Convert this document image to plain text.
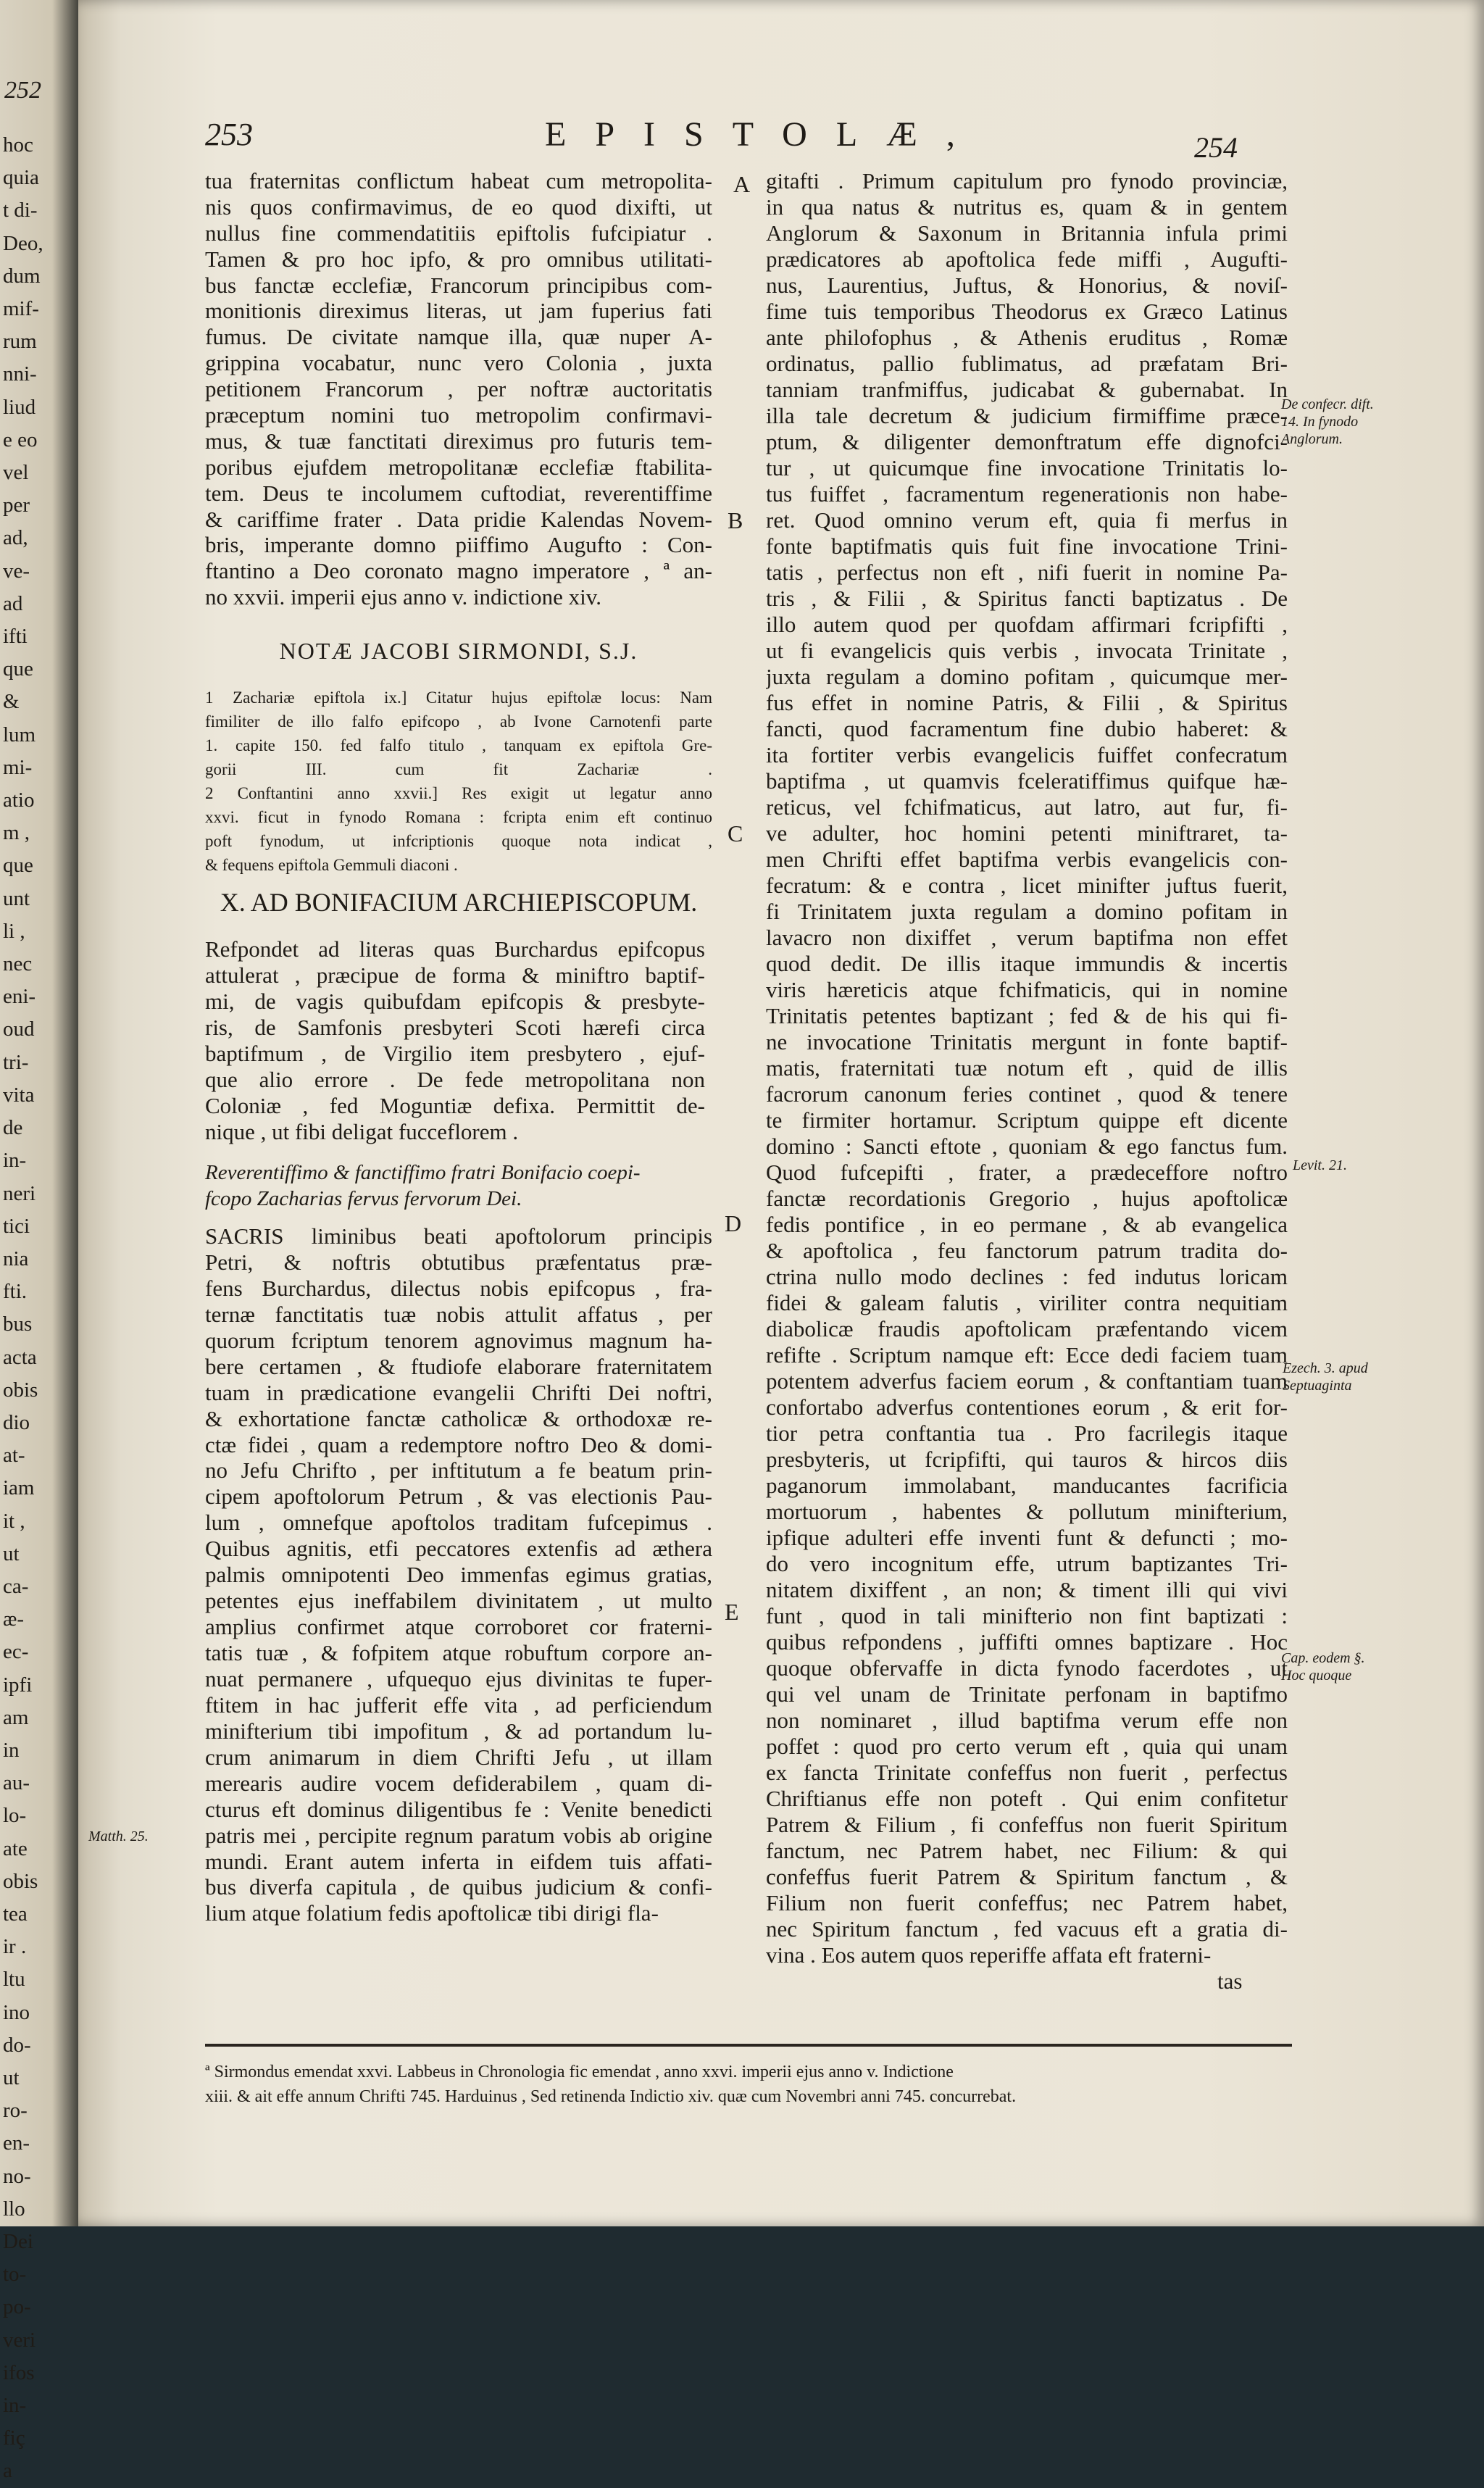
252
hoc
quia
t di-
Deo,
dum
mif-
rum
nni-
liud
e eo
vel
per
ad,
ve-
ad
ifti
que
&
lum
mi-
atio
m ,
que
unt
li ,
nec
eni-
oud
tri-
vita
de
in-
neri
tici
nia
fti.
bus
acta
obis
dio
at-
iam
it ,
ut
ca-
æ-
ec-
ipfi
am
in
au-
lo-
ate
obis
tea
ir .
ltu
ino
do-
ut
ro-
en-
no-
llo
Dei
to-
po-
veri
ifos
in-
fiç
a
253	EPISTOLÆ,	254
tua fraternitas conflictum habeat cum metropolita-
nis quos confirmavimus, de eo quod dixifti, ut
nullus fine commendatitiis epiftolis fufcipiatur .
Tamen & pro hoc ipfo, & pro omnibus utilitati-
bus fanctæ ecclefiæ, Francorum principibus com-
monitionis direximus literas, ut jam fuperius fati
fumus. De civitate namque illa, quæ nuper A-
grippina vocabatur, nunc vero Colonia , juxta
petitionem Francorum , per noftræ auctoritatis
præceptum nomini tuo metropolim confirmavi-
mus, & tuæ fanctitati direximus pro futuris tem-
poribus ejufdem metropolitanæ ecclefiæ ftabilita-
tem. Deus te incolumem cuftodiat, reverentiffime
& cariffime frater . Data pridie Kalendas Novem-
bris, imperante domno piiffimo Augufto : Con-
ftantino a Deo coronato magno imperatore , ª an-
no xxvii. imperii ejus anno v. indictione xiv.
NOTÆ JACOBI SIRMONDI, S.J.
1 Zachariæ epiftola ix.] Citatur hujus epiftolæ locus: Nam
fimiliter de illo falfo epifcopo , ab Ivone Carnotenfi parte
1. capite 150. fed falfo titulo , tanquam ex epiftola Gre-
gorii III. cum fit Zachariæ .
2 Conftantini anno xxvii.] Res exigit ut legatur anno
xxvi. ficut in fynodo Romana : fcripta enim eft continuo
poft fynodum, ut infcriptionis quoque nota indicat ,
& fequens epiftola Gemmuli diaconi .
X. AD BONIFACIUM ARCHIEPISCOPUM.
Refpondet ad literas quas Burchardus epifcopus
attulerat , præcipue de forma & miniftro baptif-
mi, de vagis quibufdam epifcopis & presbyte-
ris, de Samfonis presbyteri Scoti hærefi circa
baptifmum , de Virgilio item presbytero , ejuf-
que alio errore . De fede metropolitana non
Coloniæ , fed Moguntiæ defixa. Permittit de-
nique , ut fibi deligat fucceflorem .
Reverentiffimo & fanctiffimo fratri Bonifacio coepi-
fcopo Zacharias fervus fervorum Dei.
SACRIS liminibus beati apoftolorum principis
Petri, & noftris obtutibus præfentatus præ-
fens Burchardus, dilectus nobis epifcopus , fra-
ternæ fanctitatis tuæ nobis attulit affatus , per
quorum fcriptum tenorem agnovimus magnum ha-
bere certamen , & ftudiofe elaborare fraternitatem
tuam in prædicatione evangelii Chrifti Dei noftri,
& exhortatione fanctæ catholicæ & orthodoxæ re-
ctæ fidei , quam a redemptore noftro Deo & domi-
no Jefu Chrifto , per inftitutum a fe beatum prin-
cipem apoftolorum Petrum , & vas electionis Pau-
lum , omnefque apoftolos traditam fufcepimus .
Quibus agnitis, etfi peccatores extenfis ad æthera
palmis omnipotenti Deo immenfas egimus gratias,
petentes ejus ineffabilem divinitatem , ut multo
amplius confirmet atque corroboret cor fraterni-
tatis tuæ , & fofpitem atque robuftum corpore an-
nuat permanere , ufquequo ejus divinitas te fuper-
ftitem in hac jufferit effe vita , ad perficiendum
minifterium tibi impofitum , & ad portandum lu-
crum animarum in diem Chrifti Jefu , ut illam
merearis audire vocem defiderabilem , quam di-
cturus eft dominus diligentibus fe : Venite benedicti
patris mei , percipite regnum paratum vobis ab origine
mundi. Erant autem inferta in eifdem tuis affati-
bus diverfa capitula , de quibus judicium & confi-
lium atque folatium fedis apoftolicæ tibi dirigi fla-
gitafti . Primum capitulum pro fynodo provinciæ,
in qua natus & nutritus es, quam & in gentem
Anglorum & Saxonum in Britannia infula primi
prædicatores ab apoftolica fede miffi , Augufti-
nus, Laurentius, Juftus, & Honorius, & noviſ-
fime tuis temporibus Theodorus ex Græco Latinus
ante philofophus , & Athenis eruditus , Romæ
ordinatus, pallio fublimatus, ad præfatam Bri-
tanniam tranfmiffus, judicabat & gubernabat. In
illa tale decretum & judicium firmiffime præce-
ptum, & diligenter demonftratum effe dignofci-
tur , ut quicumque fine invocatione Trinitatis lo-
tus fuiffet , facramentum regenerationis non habe-
ret. Quod omnino verum eft, quia fi merfus in
fonte baptifmatis quis fuit fine invocatione Trini-
tatis , perfectus non eft , nifi fuerit in nomine Pa-
tris , & Filii , & Spiritus fancti baptizatus . De
illo autem quod per quofdam affirmari fcripfifti ,
ut fi evangelicis quis verbis , invocata Trinitate ,
juxta regulam a domino pofitam , quicumque mer-
fus effet in nomine Patris, & Filii , & Spiritus
fancti, quod facramentum fine dubio haberet: &
ita fortiter verbis evangelicis fuiffet confecratum
baptifma , ut quamvis fceleratiffimus quifque hæ-
reticus, vel fchifmaticus, aut latro, aut fur, fi-
ve adulter, hoc homini petenti miniftraret, ta-
men Chrifti effet baptifma verbis evangelicis con-
fecratum: & e contra , licet minifter juftus fuerit,
fi Trinitatem juxta regulam a domino pofitam in
lavacro non dixiffet , verum baptifma non effet
quod dedit. De illis itaque immundis & incertis
viris hæreticis atque fchifmaticis, qui in nomine
Trinitatis petentes baptizant ; fed & de his qui fi-
ne invocatione Trinitatis mergunt in fonte baptif-
matis, fraternitati tuæ notum eft , quid de illis
facrorum canonum feries continet , quod & tenere
te firmiter hortamur. Scriptum quippe eft dicente
domino : Sancti eftote , quoniam & ego fanctus fum.
Quod fufcepifti , frater, a prædeceffore noftro
fanctæ recordationis Gregorio , hujus apoftolicæ
fedis pontifice , in eo permane , & ab evangelica
& apoftolica , feu fanctorum patrum tradita do-
ctrina nullo modo declines : fed indutus loricam
fidei & galeam falutis , viriliter contra nequitiam
diabolicæ fraudis apoftolicam præfentando vicem
refifte . Scriptum namque eft: Ecce dedi faciem tuam
potentem adverfus faciem eorum , & conftantiam tuam
confortabo adverfus contentiones eorum , & erit for-
tior petra conftantia tua . Pro facrilegis itaque
presbyteris, ut fcripfifti, qui tauros & hircos diis
paganorum immolabant, manducantes facrificia
mortuorum , habentes & pollutum minifterium,
ipfique adulteri effe inventi funt & defuncti ; mo-
do vero incognitum effe, utrum baptizantes Tri-
nitatem dixiffent , an non; & timent illi qui vivi
funt , quod in tali minifterio non fint baptizati :
quibus refpondens , juffifti omnes baptizare . Hoc
quoque obfervaffe in dicta fynodo facerdotes , ut
qui vel unam de Trinitate perfonam in baptifmo
non nominaret , illud baptifma verum effe non
poffet : quod pro certo verum eft , quia qui unam
ex fancta Trinitate confeffus non fuerit , perfectus
Chriftianus effe non poteft . Qui enim confitetur
Patrem & Filium , fi confeffus non fuerit Spiritum
fanctum, nec Patrem habet, nec Filium: & qui
confeffus fuerit Patrem & Spiritum fanctum , &
Filium non fuerit confeffus; nec Patrem habet,
nec Spiritum fanctum , fed vacuus eft a gratia di-
vina . Eos autem quos reperiffe affata eft fraterni-
tas
A
B
C
D
E
De confecr. dift. 14. In fynodo Anglorum.
Levit. 21.
Ezech. 3. apud Septuaginta
Cap. eodem §. Hoc quoque
Matth. 25.
ª Sirmondus emendat xxvi. Labbeus in Chronologia fic emendat , anno xxvi. imperii ejus anno v. Indictione
xiii. & ait effe annum Chrifti 745. Harduinus , Sed retinenda Indictio xiv. quæ cum Novembri anni 745. concurrebat.
